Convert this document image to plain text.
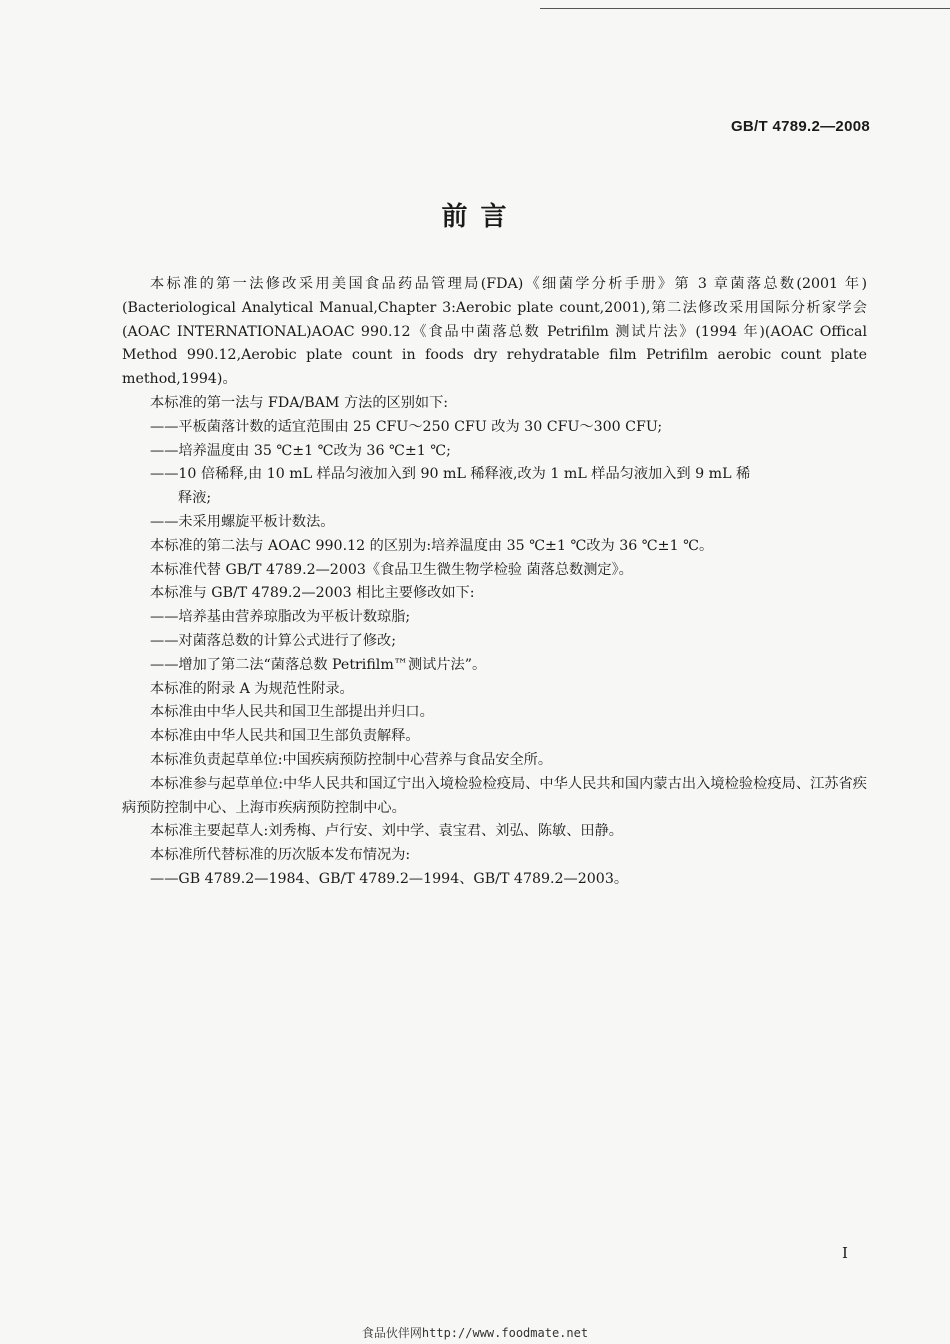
GB/T 4789.2—2008
前 言

本标准的第一法修改采用美国食品药品管理局(FDA)《细菌学分析手册》第 3 章菌落总数(2001 年)(Bacteriological Analytical Manual,Chapter 3:Aerobic plate count,2001),第二法修改采用国际分析家学会(AOAC INTERNATIONAL)AOAC 990.12《食品中菌落总数 Petrifilm 测试片法》(1994 年)(AOAC Offical Method 990.12,Aerobic plate count in foods dry rehydratable film Petrifilm aerobic count plate method,1994)。

本标准的第一法与 FDA/BAM 方法的区别如下:

——平板菌落计数的适宜范围由 25 CFU～250 CFU 改为 30 CFU～300 CFU;

——培养温度由 35 ℃±1 ℃改为 36 ℃±1 ℃;

——10 倍稀释,由 10 mL 样品匀液加入到 90 mL 稀释液,改为 1 mL 样品匀液加入到 9 mL 稀

释液;

——未采用螺旋平板计数法。

本标准的第二法与 AOAC 990.12 的区别为:培养温度由 35 ℃±1 ℃改为 36 ℃±1 ℃。

本标准代替 GB/T 4789.2—2003《食品卫生微生物学检验 菌落总数测定》。

本标准与 GB/T 4789.2—2003 相比主要修改如下:

——培养基由营养琼脂改为平板计数琼脂;

——对菌落总数的计算公式进行了修改;

——增加了第二法“菌落总数 Petrifilm™测试片法”。

本标准的附录 A 为规范性附录。

本标准由中华人民共和国卫生部提出并归口。

本标准由中华人民共和国卫生部负责解释。

本标准负责起草单位:中国疾病预防控制中心营养与食品安全所。

本标准参与起草单位:中华人民共和国辽宁出入境检验检疫局、中华人民共和国内蒙古出入境检验检疫局、江苏省疾病预防控制中心、上海市疾病预防控制中心。

本标准主要起草人:刘秀梅、卢行安、刘中学、袁宝君、刘弘、陈敏、田静。

本标准所代替标准的历次版本发布情况为:

——GB 4789.2—1984、GB/T 4789.2—1994、GB/T 4789.2—2003。

I
食品伙伴网http://www.foodmate.net
